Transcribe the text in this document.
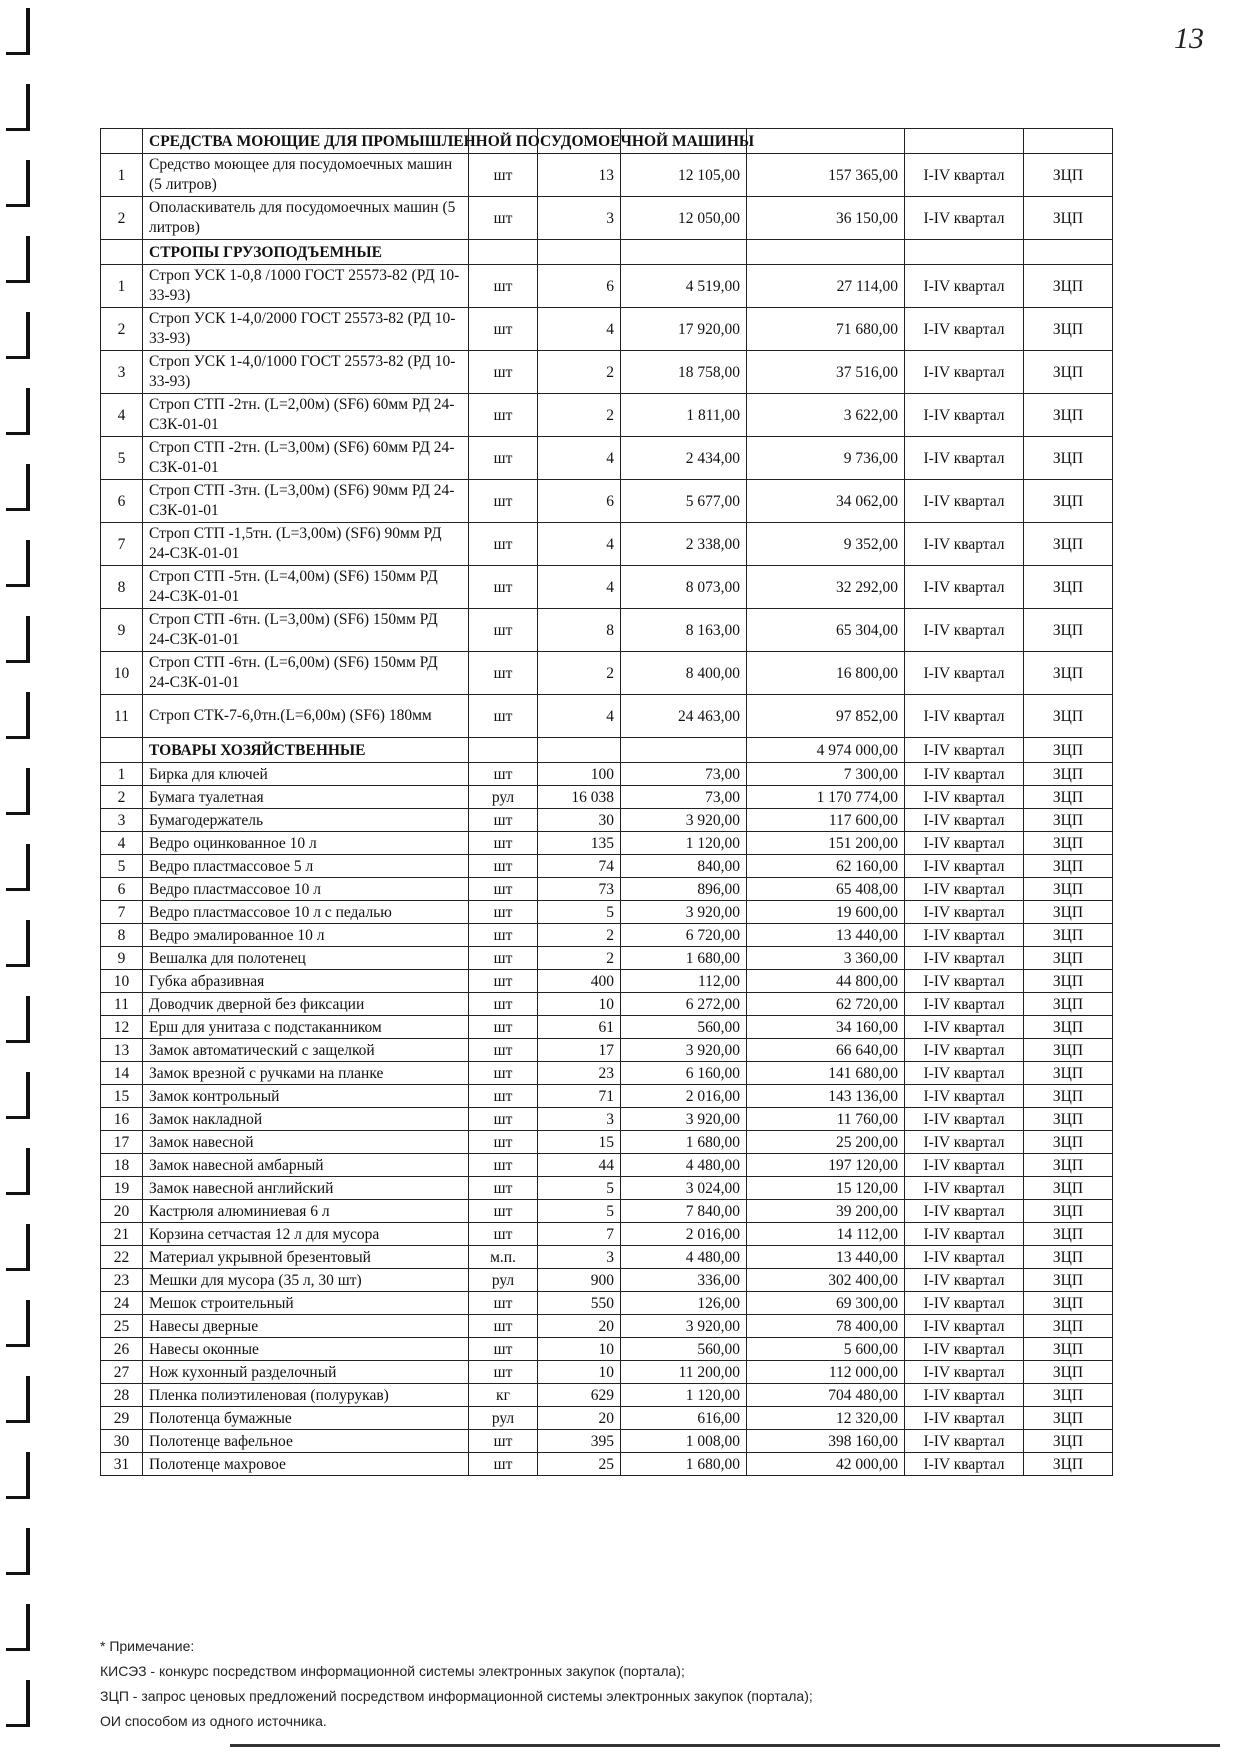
13
	СРЕДСТВА МОЮЩИЕ ДЛЯ ПРОМЫШЛЕННОЙ ПОСУДОМОЕЧНОЙ МАШИНЫ						
1	Средство моющее для посудомоечных машин (5 литров)	шт	13	12 105,00	157 365,00	I-IV квартал	ЗЦП
2	Ополаскиватель для посудомоечных машин (5 литров)	шт	3	12 050,00	36 150,00	I-IV квартал	ЗЦП
	СТРОПЫ ГРУЗОПОДЪЕМНЫЕ						
1	Строп УСК 1-0,8 /1000 ГОСТ 25573-82 (РД 10-33-93)	шт	6	4 519,00	27 114,00	I-IV квартал	ЗЦП
2	Строп УСК 1-4,0/2000 ГОСТ 25573-82 (РД 10-33-93)	шт	4	17 920,00	71 680,00	I-IV квартал	ЗЦП
3	Строп УСК 1-4,0/1000 ГОСТ 25573-82 (РД 10-33-93)	шт	2	18 758,00	37 516,00	I-IV квартал	ЗЦП
4	Строп СТП -2тн. (L=2,00м) (SF6) 60мм РД 24-СЗК-01-01	шт	2	1 811,00	3 622,00	I-IV квартал	ЗЦП
5	Строп СТП -2тн. (L=3,00м) (SF6) 60мм РД 24-СЗК-01-01	шт	4	2 434,00	9 736,00	I-IV квартал	ЗЦП
6	Строп СТП -3тн. (L=3,00м) (SF6) 90мм РД 24-СЗК-01-01	шт	6	5 677,00	34 062,00	I-IV квартал	ЗЦП
7	Строп СТП -1,5тн. (L=3,00м) (SF6) 90мм РД 24-СЗК-01-01	шт	4	2 338,00	9 352,00	I-IV квартал	ЗЦП
8	Строп СТП -5тн. (L=4,00м) (SF6) 150мм РД 24-СЗК-01-01	шт	4	8 073,00	32 292,00	I-IV квартал	ЗЦП
9	Строп СТП -6тн. (L=3,00м) (SF6) 150мм РД 24-СЗК-01-01	шт	8	8 163,00	65 304,00	I-IV квартал	ЗЦП
10	Строп СТП -6тн. (L=6,00м) (SF6) 150мм РД 24-СЗК-01-01	шт	2	8 400,00	16 800,00	I-IV квартал	ЗЦП
11	Строп СТК-7-6,0тн.(L=6,00м) (SF6) 180мм	шт	4	24 463,00	97 852,00	I-IV квартал	ЗЦП
	ТОВАРЫ ХОЗЯЙСТВЕННЫЕ				4 974 000,00	I-IV квартал	ЗЦП
1	Бирка для ключей	шт	100	73,00	7 300,00	I-IV квартал	ЗЦП
2	Бумага туалетная	рул	16 038	73,00	1 170 774,00	I-IV квартал	ЗЦП
3	Бумагодержатель	шт	30	3 920,00	117 600,00	I-IV квартал	ЗЦП
4	Ведро оцинкованное 10 л	шт	135	1 120,00	151 200,00	I-IV квартал	ЗЦП
5	Ведро пластмассовое 5 л	шт	74	840,00	62 160,00	I-IV квартал	ЗЦП
6	Ведро пластмассовое 10 л	шт	73	896,00	65 408,00	I-IV квартал	ЗЦП
7	Ведро пластмассовое 10 л с педалью	шт	5	3 920,00	19 600,00	I-IV квартал	ЗЦП
8	Ведро эмалированное 10 л	шт	2	6 720,00	13 440,00	I-IV квартал	ЗЦП
9	Вешалка для полотенец	шт	2	1 680,00	3 360,00	I-IV квартал	ЗЦП
10	Губка абразивная	шт	400	112,00	44 800,00	I-IV квартал	ЗЦП
11	Доводчик дверной без фиксации	шт	10	6 272,00	62 720,00	I-IV квартал	ЗЦП
12	Ерш для унитаза с подстаканником	шт	61	560,00	34 160,00	I-IV квартал	ЗЦП
13	Замок автоматический с защелкой	шт	17	3 920,00	66 640,00	I-IV квартал	ЗЦП
14	Замок врезной с ручками на планке	шт	23	6 160,00	141 680,00	I-IV квартал	ЗЦП
15	Замок контрольный	шт	71	2 016,00	143 136,00	I-IV квартал	ЗЦП
16	Замок накладной	шт	3	3 920,00	11 760,00	I-IV квартал	ЗЦП
17	Замок навесной	шт	15	1 680,00	25 200,00	I-IV квартал	ЗЦП
18	Замок навесной амбарный	шт	44	4 480,00	197 120,00	I-IV квартал	ЗЦП
19	Замок навесной английский	шт	5	3 024,00	15 120,00	I-IV квартал	ЗЦП
20	Кастрюля алюминиевая 6 л	шт	5	7 840,00	39 200,00	I-IV квартал	ЗЦП
21	Корзина сетчастая 12 л для мусора	шт	7	2 016,00	14 112,00	I-IV квартал	ЗЦП
22	Материал укрывной брезентовый	м.п.	3	4 480,00	13 440,00	I-IV квартал	ЗЦП
23	Мешки для мусора (35 л, 30 шт)	рул	900	336,00	302 400,00	I-IV квартал	ЗЦП
24	Мешок строительный	шт	550	126,00	69 300,00	I-IV квартал	ЗЦП
25	Навесы дверные	шт	20	3 920,00	78 400,00	I-IV квартал	ЗЦП
26	Навесы оконные	шт	10	560,00	5 600,00	I-IV квартал	ЗЦП
27	Нож кухонный разделочный	шт	10	11 200,00	112 000,00	I-IV квартал	ЗЦП
28	Пленка полиэтиленовая (полурукав)	кг	629	1 120,00	704 480,00	I-IV квартал	ЗЦП
29	Полотенца бумажные	рул	20	616,00	12 320,00	I-IV квартал	ЗЦП
30	Полотенце вафельное	шт	395	1 008,00	398 160,00	I-IV квартал	ЗЦП
31	Полотенце махровое	шт	25	1 680,00	42 000,00	I-IV квартал	ЗЦП

* Примечание:

КИСЭЗ - конкурс посредством информационной системы электронных закупок (портала);

ЗЦП - запрос ценовых предложений посредством информационной системы электронных закупок (портала);

ОИ способом из одного источника.
